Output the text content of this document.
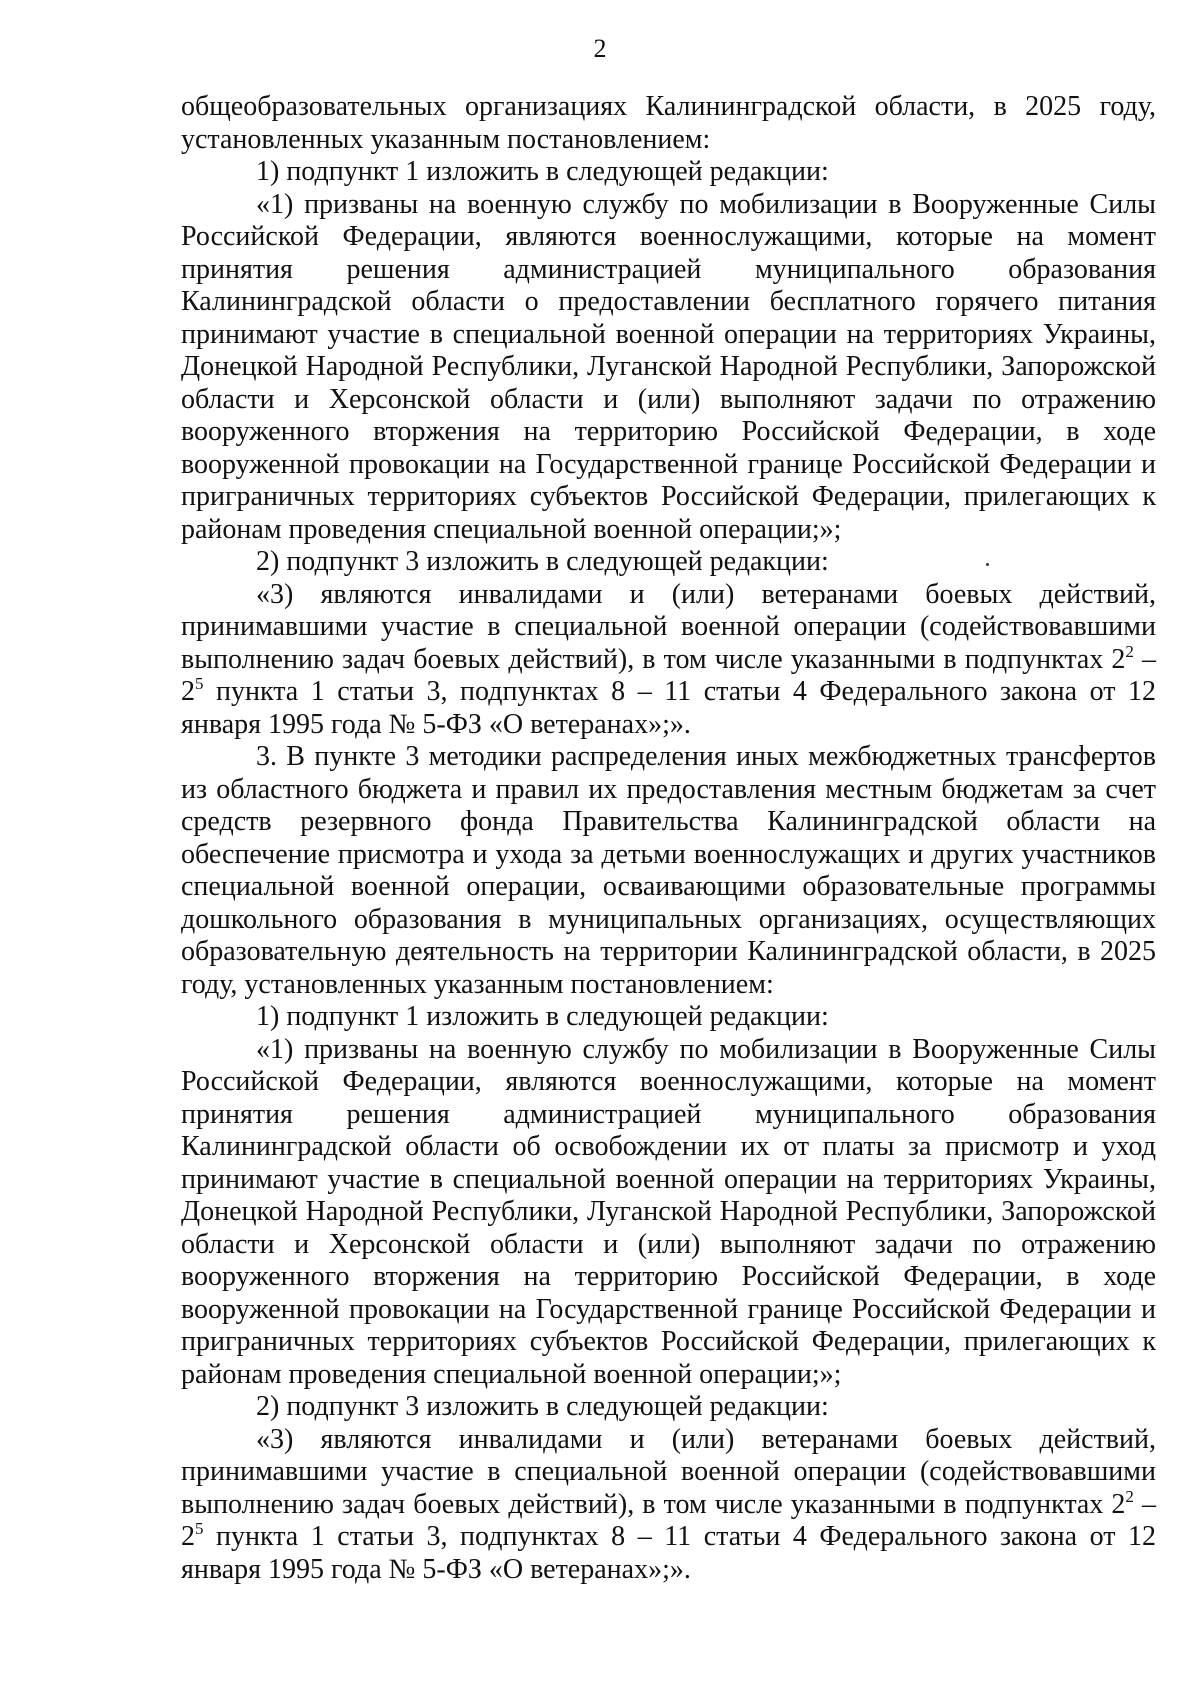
2

общеобразовательных организациях Калининградской области, в 2025 году, установленных указанным постановлением:

1) подпункт 1 изложить в следующей редакции:

«1) призваны на военную службу по мобилизации в Вооруженные Силы Российской Федерации, являются военнослужащими, которые на момент принятия решения администрацией муниципального образования Калининградской области о предоставлении бесплатного горячего питания принимают участие в специальной военной операции на территориях Украины, Донецкой Народной Республики, Луганской Народной Республики, Запорожской области и Херсонской области и (или) выполняют задачи по отражению вооруженного вторжения на территорию Российской Федерации, в ходе вооруженной провокации на Государственной границе Российской Федерации и приграничных территориях субъектов Российской Федерации, прилегающих к районам проведения специальной военной операции;»;

2) подпункт 3 изложить в следующей редакции:

«3) являются инвалидами и (или) ветеранами боевых действий, принимавшими участие в специальной военной операции (содействовавшими выполнению задач боевых действий), в том числе указанными в подпунктах $2^2 - 2^5$ пункта 1 статьи 3, подпунктах 8 – 11 статьи 4 Федерального закона от 12 января 1995 года № 5-ФЗ «О ветеранах»;».

3. В пункте 3 методики распределения иных межбюджетных трансфертов из областного бюджета и правил их предоставления местным бюджетам за счет средств резервного фонда Правительства Калининградской области на обеспечение присмотра и ухода за детьми военнослужащих и других участников специальной военной операции, осваивающими образовательные программы дошкольного образования в муниципальных организациях, осуществляющих образовательную деятельность на территории Калининградской области, в 2025 году, установленных указанным постановлением:

1) подпункт 1 изложить в следующей редакции:

«1) призваны на военную службу по мобилизации в Вооруженные Силы Российской Федерации, являются военнослужащими, которые на момент принятия решения администрацией муниципального образования Калининградской области об освобождении их от платы за присмотр и уход принимают участие в специальной военной операции на территориях Украины, Донецкой Народной Республики, Луганской Народной Республики, Запорожской области и Херсонской области и (или) выполняют задачи по отражению вооруженного вторжения на территорию Российской Федерации, в ходе вооруженной провокации на Государственной границе Российской Федерации и приграничных территориях субъектов Российской Федерации, прилегающих к районам проведения специальной военной операции;»;

2) подпункт 3 изложить в следующей редакции:

«3) являются инвалидами и (или) ветеранами боевых действий, принимавшими участие в специальной военной операции (содействовавшими выполнению задач боевых действий), в том числе указанными в подпунктах $2^2 - 2^5$ пункта 1 статьи 3, подпунктах 8 – 11 статьи 4 Федерального закона от 12 января 1995 года № 5-ФЗ «О ветеранах»;».
